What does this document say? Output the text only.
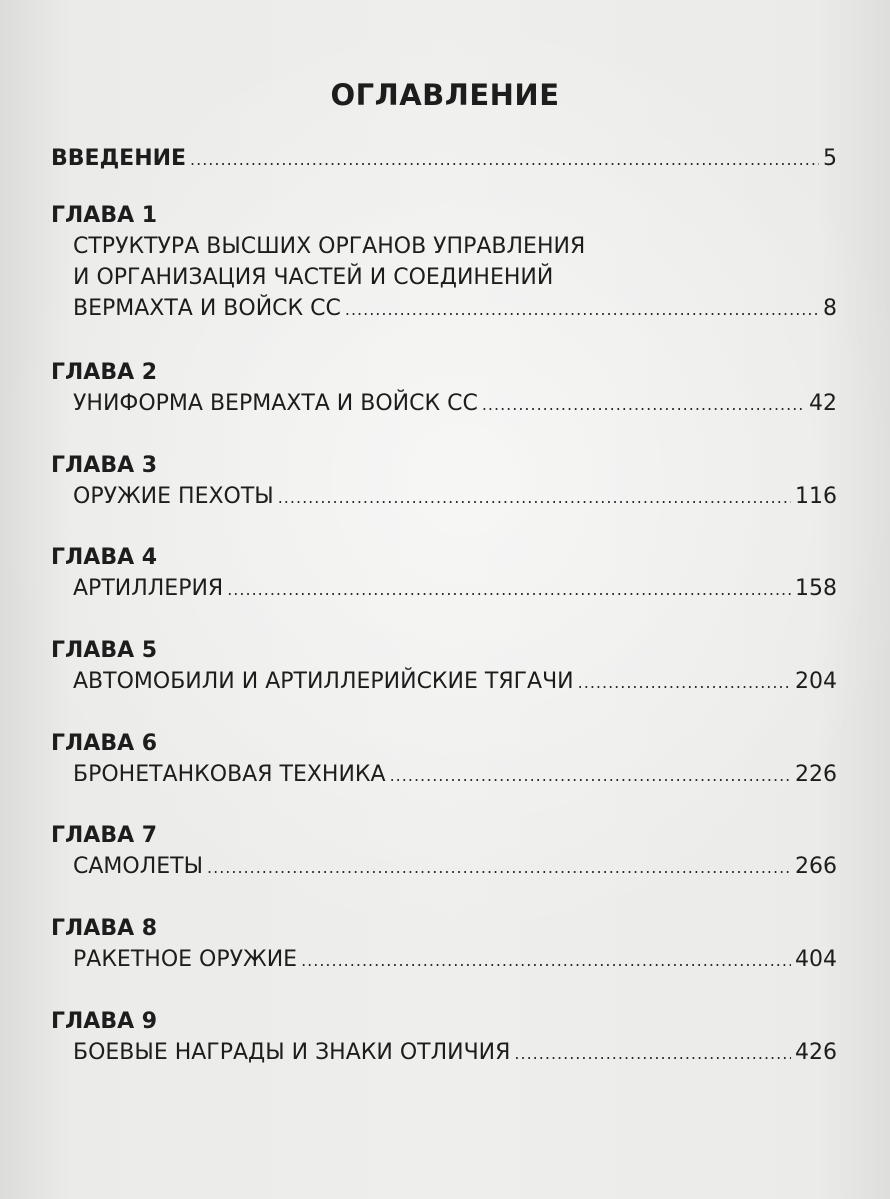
ОГЛАВЛЕНИЕ
ВВЕДЕНИЕ .....	5
ГЛАВА 1
СТРУКТУРА ВЫСШИХ ОРГАНОВ УПРАВЛЕНИЯ
И ОРГАНИЗАЦИЯ ЧАСТЕЙ И СОЕДИНЕНИЙ
ВЕРМАХТА И ВОЙСК СС .....	8
ГЛАВА 2
УНИФОРМА ВЕРМАХТА И ВОЙСК СС .....	42
ГЛАВА 3
ОРУЖИЕ ПЕХОТЫ .....	116
ГЛАВА 4
АРТИЛЛЕРИЯ .....	158
ГЛАВА 5
АВТОМОБИЛИ И АРТИЛЛЕРИЙСКИЕ ТЯГАЧИ .....	204
ГЛАВА 6
БРОНЕТАНКОВАЯ ТЕХНИКА .....	226
ГЛАВА 7
САМОЛЕТЫ .....	266
ГЛАВА 8
РАКЕТНОЕ ОРУЖИЕ .....	404
ГЛАВА 9
БОЕВЫЕ НАГРАДЫ И ЗНАКИ ОТЛИЧИЯ .....	426
